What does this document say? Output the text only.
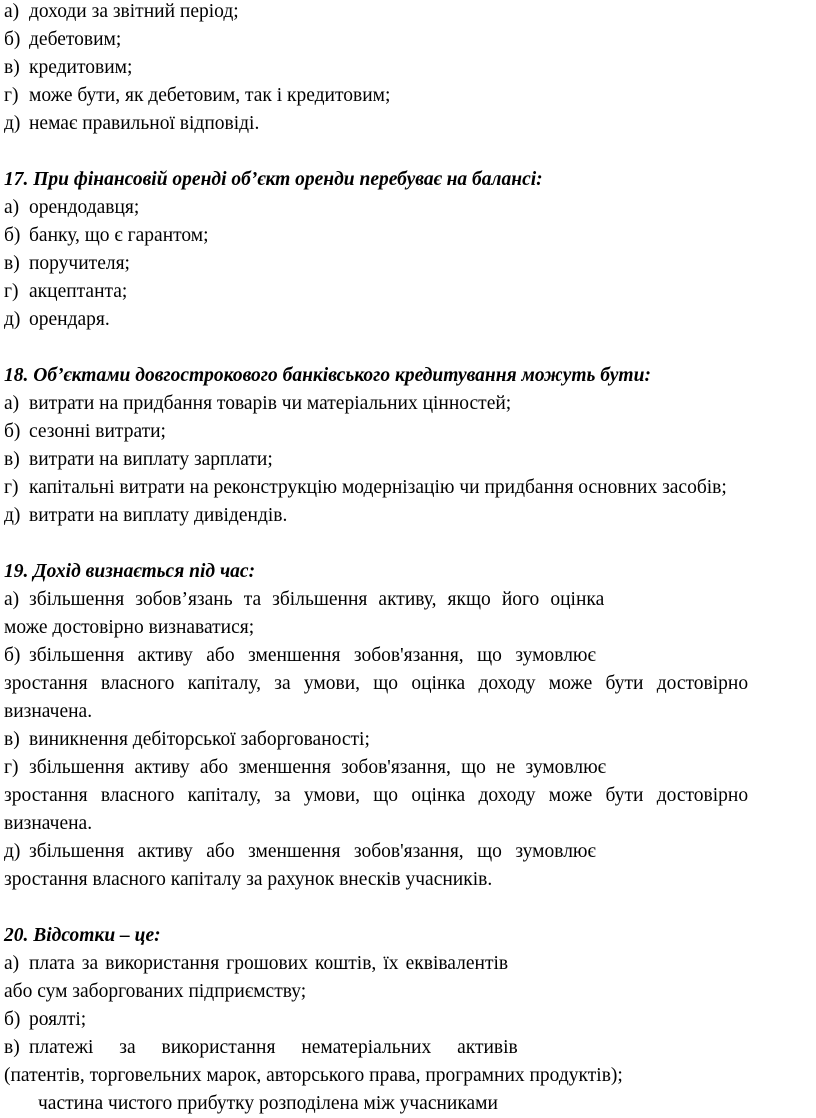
а) доходи за звітний період;
б) дебетовим;
в) кредитовим;
г) може бути, як дебетовим, так і кредитовим;
д) немає правильної відповіді.
17. При фінансовій оренді об’єкт оренди перебуває на балансі:
а) орендодавця;
б) банку, що є гарантом;
в) поручителя;
г) акцептанта;
д) орендаря.
18. Об’єктами довгострокового банківського кредитування можуть бути:
а) витрати на придбання товарів чи матеріальних цінностей;
б) сезонні витрати;
в) витрати на виплату зарплати;
г) капітальні витрати на реконструкцію модернізацію чи придбання основних засобів;
д) витрати на виплату дивідендів.
19. Дохід визнається під час:
а) збільшення зобов’язань та збільшення активу, якщо його оцінка
може достовірно визнаватися;
б) збільшення активу або зменшення зобов'язання, що зумовлює
зростання власного капіталу, за умови, що оцінка доходу може бути достовірно
визначена.
в) виникнення дебіторської заборгованості;
г) збільшення активу або зменшення зобов'язання, що не зумовлює
зростання власного капіталу, за умови, що оцінка доходу може бути достовірно
визначена.
д) збільшення активу або зменшення зобов'язання, що зумовлює
зростання власного капіталу за рахунок внесків учасників.
20. Відсотки – це:
а) плата за використання грошових коштів, їх еквівалентів
або сум заборгованих підприємству;
б) роялті;
в) платежі за використання нематеріальних активів
(патентів, торговельних марок, авторського права, програмних продуктів);
частина чистого прибутку розподілена між учасниками
